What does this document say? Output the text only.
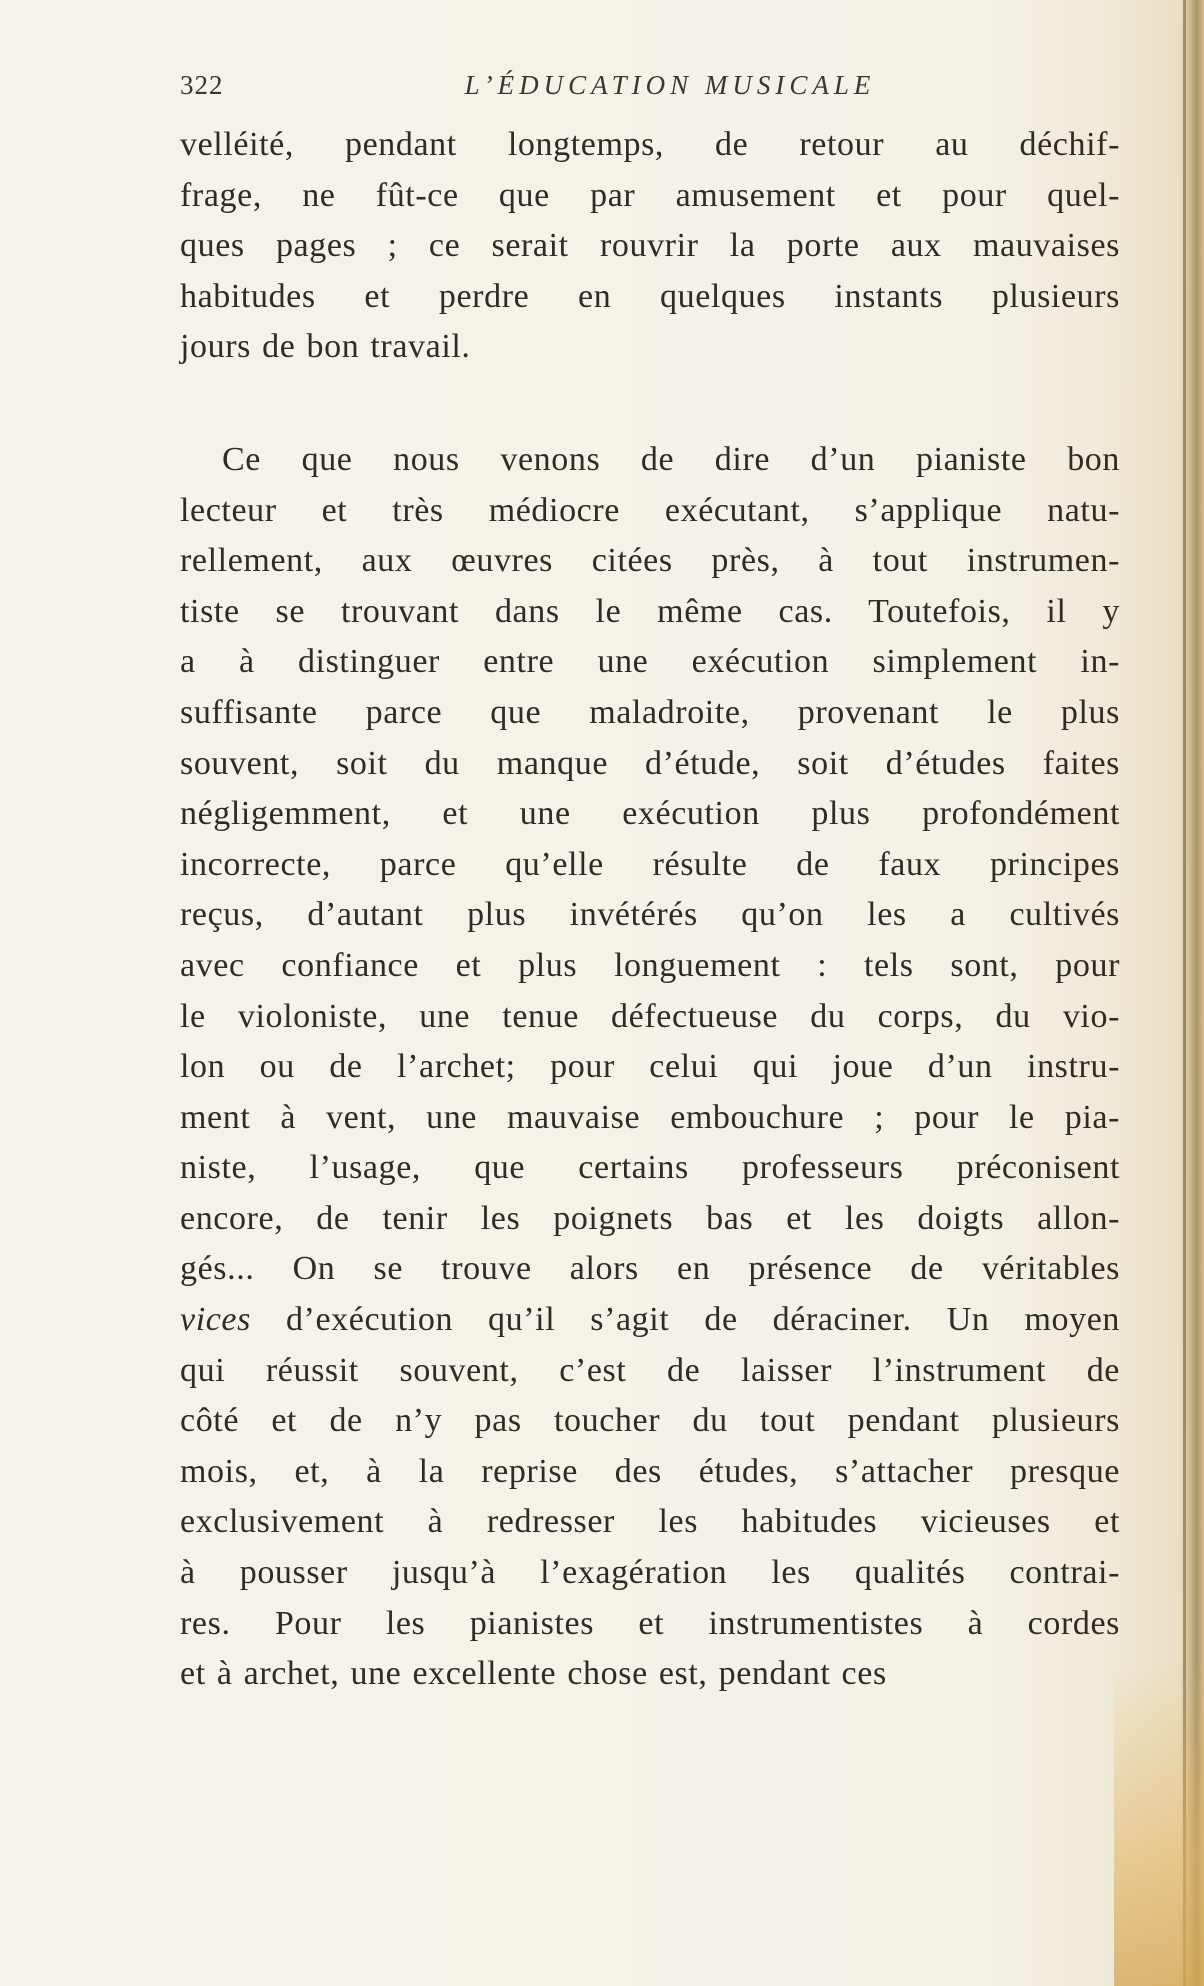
322	L’ÉDUCATION MUSICALE
velléité, pendant longtemps, de retour au déchif-
frage, ne fût-ce que par amusement et pour quel-
ques pages ; ce serait rouvrir la porte aux mauvaises
habitudes et perdre en quelques instants plusieurs
jours de bon travail.
Ce que nous venons de dire d’un pianiste bon
lecteur et très médiocre exécutant, s’applique natu-
rellement, aux œuvres citées près, à tout instrumen-
tiste se trouvant dans le même cas. Toutefois, il y
a à distinguer entre une exécution simplement in-
suffisante parce que maladroite, provenant le plus
souvent, soit du manque d’étude, soit d’études faites
négligemment, et une exécution plus profondément
incorrecte, parce qu’elle résulte de faux principes
reçus, d’autant plus invétérés qu’on les a cultivés
avec confiance et plus longuement : tels sont, pour
le violoniste, une tenue défectueuse du corps, du vio-
lon ou de l’archet; pour celui qui joue d’un instru-
ment à vent, une mauvaise embouchure ; pour le pia-
niste, l’usage, que certains professeurs préconisent
encore, de tenir les poignets bas et les doigts allon-
gés... On se trouve alors en présence de véritables
vices d’exécution qu’il s’agit de déraciner. Un moyen
qui réussit souvent, c’est de laisser l’instrument de
côté et de n’y pas toucher du tout pendant plusieurs
mois, et, à la reprise des études, s’attacher presque
exclusivement à redresser les habitudes vicieuses et
à pousser jusqu’à l’exagération les qualités contrai-
res. Pour les pianistes et instrumentistes à cordes
et à archet, une excellente chose est, pendant ces
